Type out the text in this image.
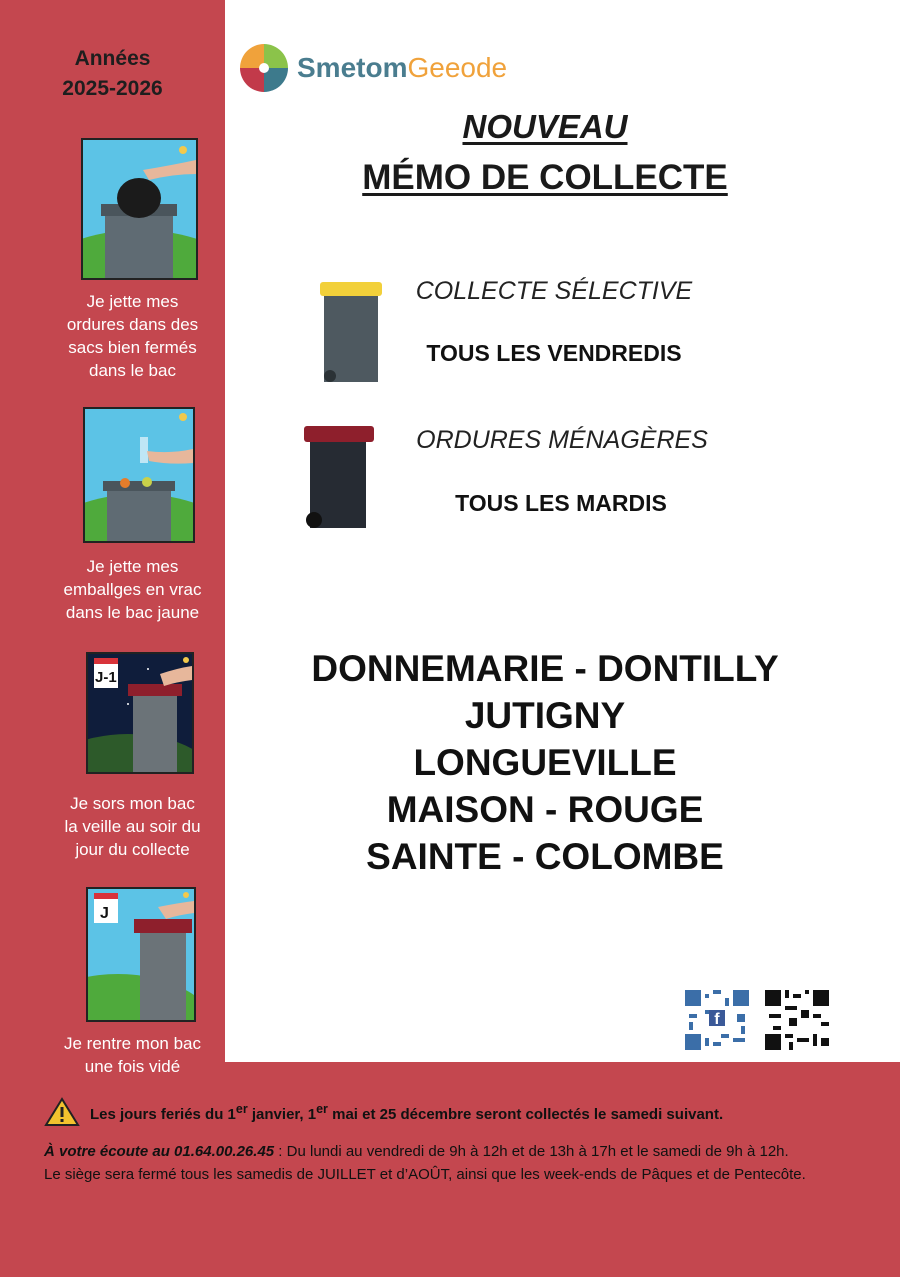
Années
2025-2026
Je jette mes
ordures dans des
sacs bien fermés
dans le bac
Je jette mes
emballges en vrac
dans le bac jaune
J-1
Je sors mon bac
la veille au soir du
jour du collecte
J
Je rentre mon bac
une fois vidé
SmetomGeeode
NOUVEAU
MÉMO DE COLLECTE
COLLECTE SÉLECTIVE
TOUS LES VENDREDIS
ORDURES MÉNAGÈRES
TOUS LES MARDIS
DONNEMARIE - DONTILLY
JUTIGNY
LONGUEVILLE
MAISON - ROUGE
SAINTE - COLOMBE
f
Les jours feriés du 1er janvier, 1er mai et 25 décembre seront collectés le samedi suivant.
À votre écoute au 01.64.00.26.45 : Du lundi au vendredi de 9h à 12h et de 13h à 17h et le samedi de 9h à 12h.
Le siège sera fermé tous les samedis de JUILLET et d’AOÛT, ainsi que les week-ends de Pâques et de Pentecôte.
